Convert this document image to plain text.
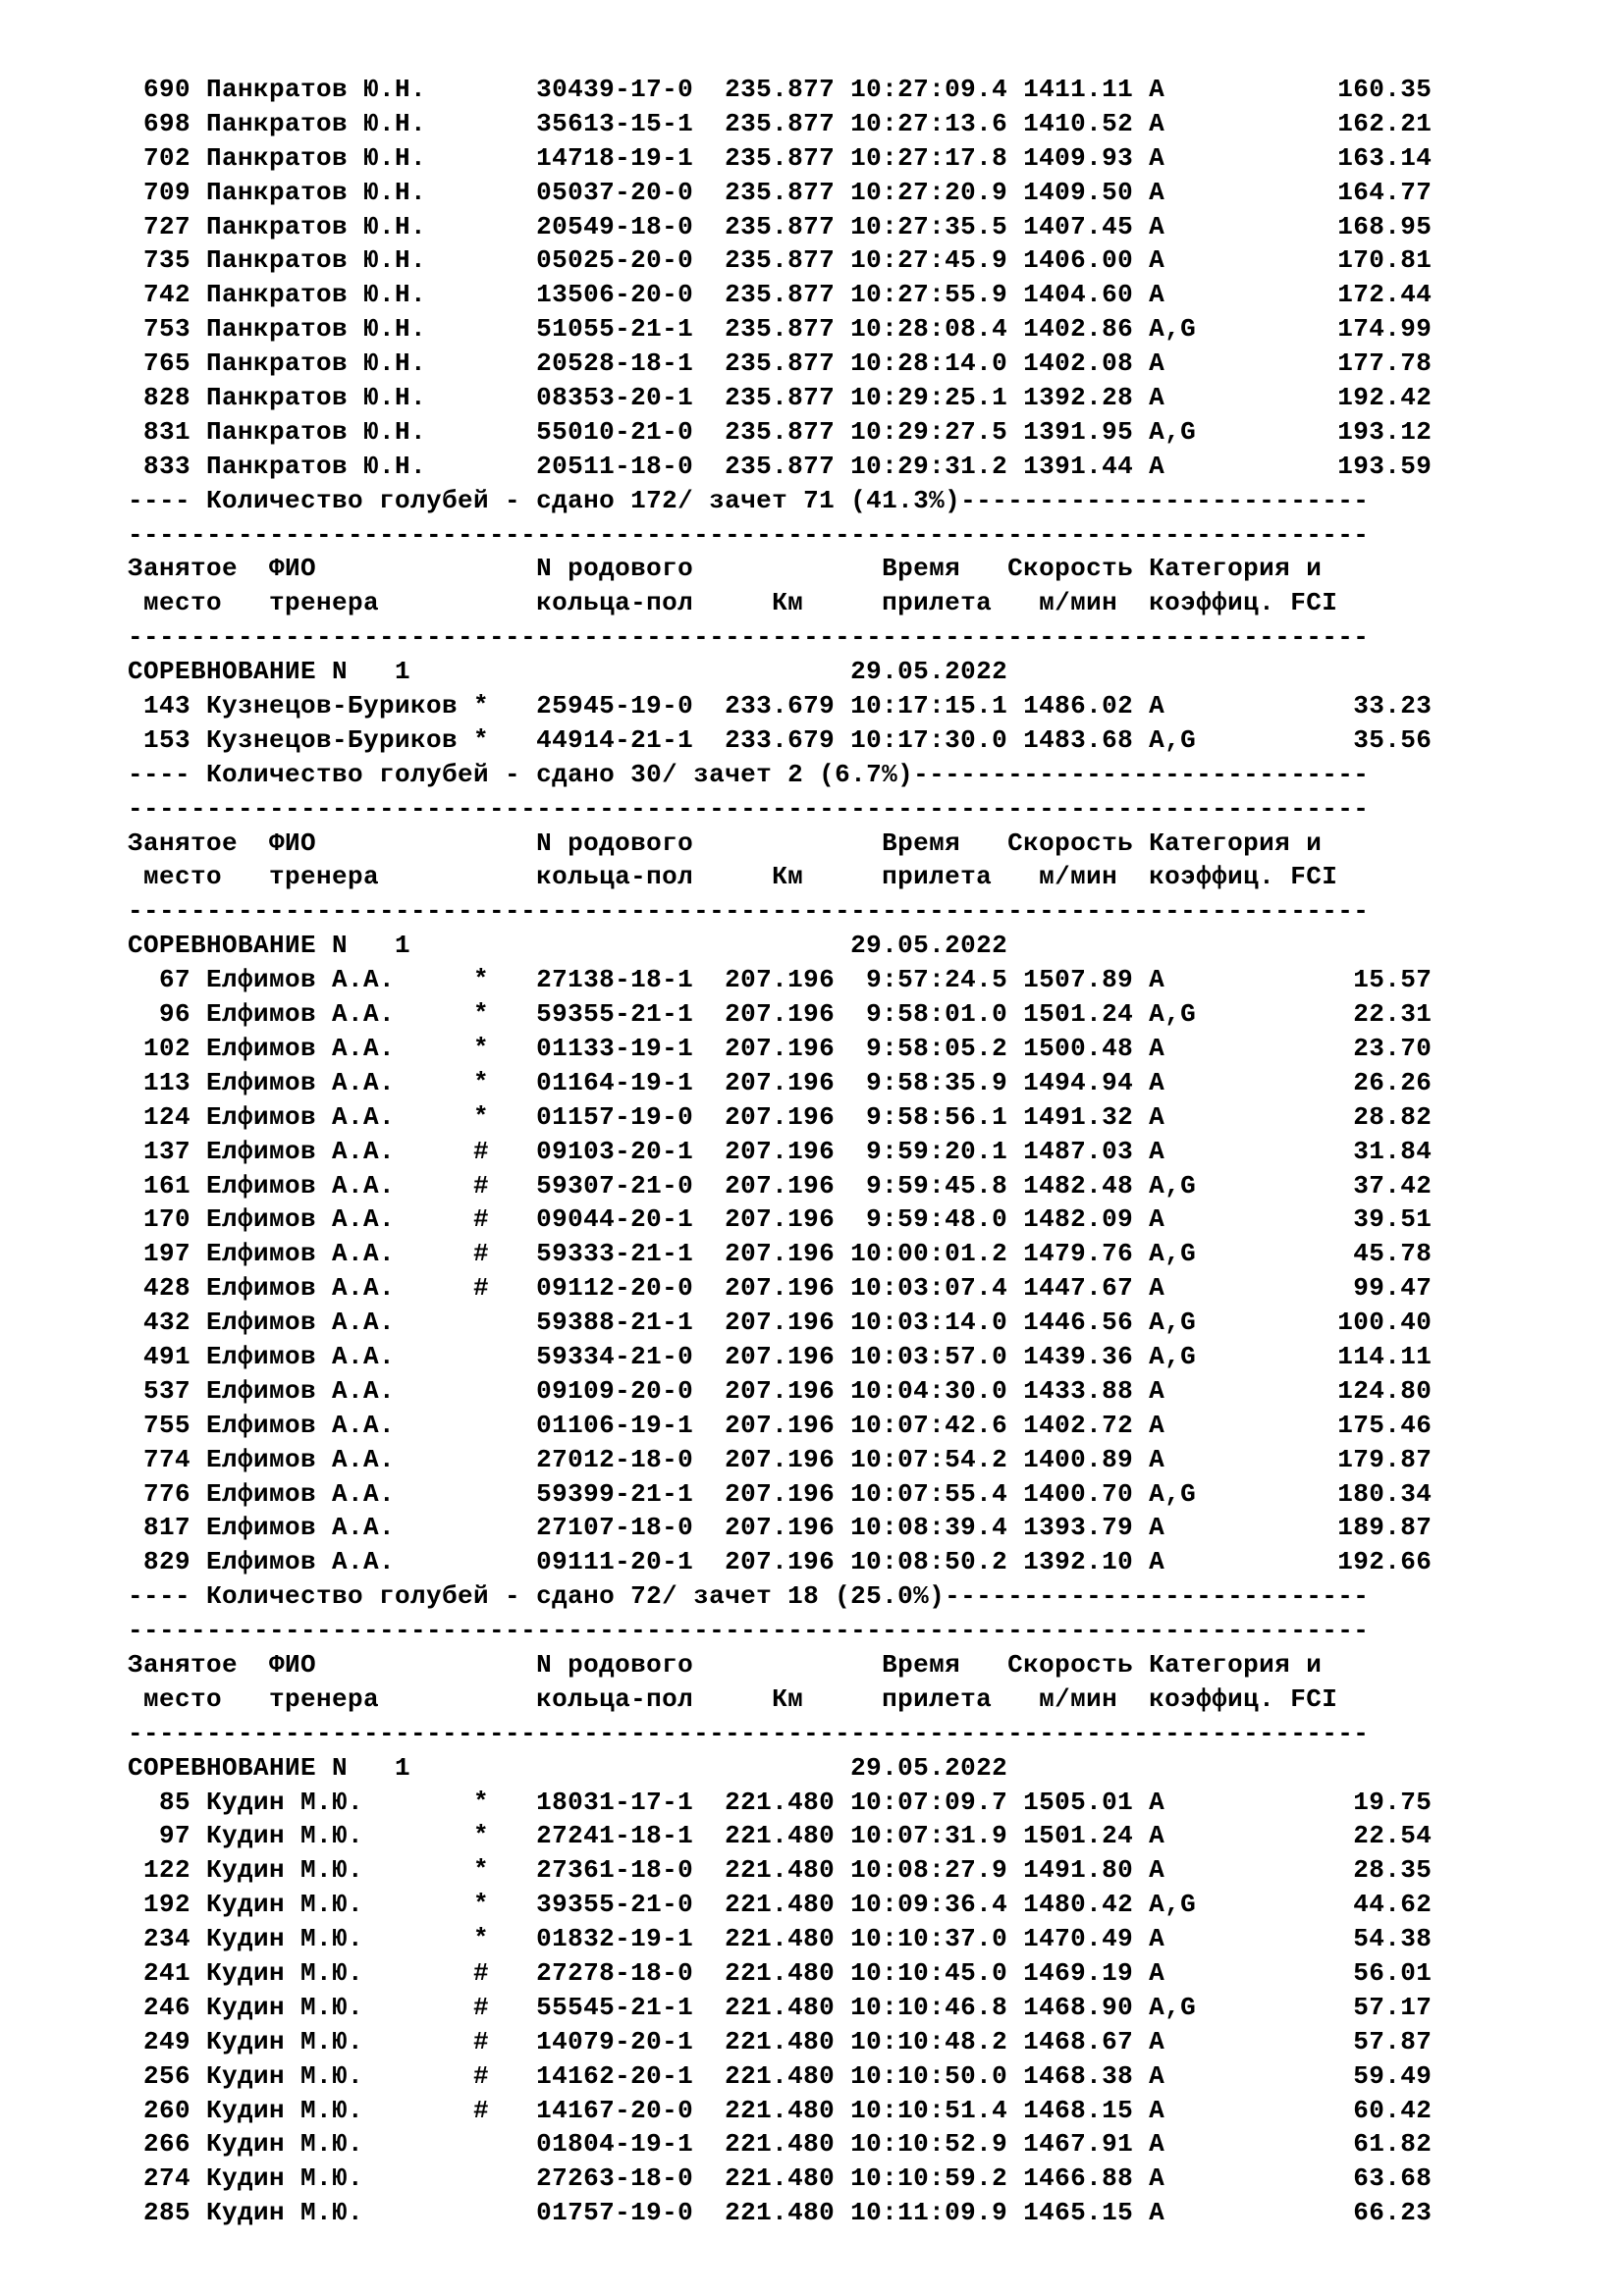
690 Панкратов Ю.Н.       30439-17-0  235.877 10:27:09.4 1411.11 A           160.35
698 Панкратов Ю.Н.       35613-15-1  235.877 10:27:13.6 1410.52 A           162.21
702 Панкратов Ю.Н.       14718-19-1  235.877 10:27:17.8 1409.93 A           163.14
709 Панкратов Ю.Н.       05037-20-0  235.877 10:27:20.9 1409.50 A           164.77
727 Панкратов Ю.Н.       20549-18-0  235.877 10:27:35.5 1407.45 A           168.95
735 Панкратов Ю.Н.       05025-20-0  235.877 10:27:45.9 1406.00 A           170.81
742 Панкратов Ю.Н.       13506-20-0  235.877 10:27:55.9 1404.60 A           172.44
753 Панкратов Ю.Н.       51055-21-1  235.877 10:28:08.4 1402.86 A,G         174.99
765 Панкратов Ю.Н.       20528-18-1  235.877 10:28:14.0 1402.08 A           177.78
828 Панкратов Ю.Н.       08353-20-1  235.877 10:29:25.1 1392.28 A           192.42
831 Панкратов Ю.Н.       55010-21-0  235.877 10:29:27.5 1391.95 A,G         193.12
833 Панкратов Ю.Н.       20511-18-0  235.877 10:29:31.2 1391.44 A           193.59
---- Количество голубей - сдано 172/ зачет 71 (41.3%)--------------------------
-------------------------------------------------------------------------------
Занятое  ФИО              N родового            Время   Скорость Категория и
место   тренера          кольца-пол     Км     прилета   м/мин  коэффиц. FCI
-------------------------------------------------------------------------------
СОРЕВНОВАНИЕ N   1                            29.05.2022
143 Кузнецов-Буриков *   25945-19-0  233.679 10:17:15.1 1486.02 A            33.23
153 Кузнецов-Буриков *   44914-21-1  233.679 10:17:30.0 1483.68 A,G          35.56
---- Количество голубей - сдано 30/ зачет 2 (6.7%)-----------------------------
-------------------------------------------------------------------------------
Занятое  ФИО              N родового            Время   Скорость Категория и
место   тренера          кольца-пол     Км     прилета   м/мин  коэффиц. FCI
-------------------------------------------------------------------------------
СОРЕВНОВАНИЕ N   1                            29.05.2022
67 Елфимов А.А.     *   27138-18-1  207.196  9:57:24.5 1507.89 A            15.57
96 Елфимов А.А.     *   59355-21-1  207.196  9:58:01.0 1501.24 A,G          22.31
102 Елфимов А.А.     *   01133-19-1  207.196  9:58:05.2 1500.48 A            23.70
113 Елфимов А.А.     *   01164-19-1  207.196  9:58:35.9 1494.94 A            26.26
124 Елфимов А.А.     *   01157-19-0  207.196  9:58:56.1 1491.32 A            28.82
137 Елфимов А.А.     #   09103-20-1  207.196  9:59:20.1 1487.03 A            31.84
161 Елфимов А.А.     #   59307-21-0  207.196  9:59:45.8 1482.48 A,G          37.42
170 Елфимов А.А.     #   09044-20-1  207.196  9:59:48.0 1482.09 A            39.51
197 Елфимов А.А.     #   59333-21-1  207.196 10:00:01.2 1479.76 A,G          45.78
428 Елфимов А.А.     #   09112-20-0  207.196 10:03:07.4 1447.67 A            99.47
432 Елфимов А.А.         59388-21-1  207.196 10:03:14.0 1446.56 A,G         100.40
491 Елфимов А.А.         59334-21-0  207.196 10:03:57.0 1439.36 A,G         114.11
537 Елфимов А.А.         09109-20-0  207.196 10:04:30.0 1433.88 A           124.80
755 Елфимов А.А.         01106-19-1  207.196 10:07:42.6 1402.72 A           175.46
774 Елфимов А.А.         27012-18-0  207.196 10:07:54.2 1400.89 A           179.87
776 Елфимов А.А.         59399-21-1  207.196 10:07:55.4 1400.70 A,G         180.34
817 Елфимов А.А.         27107-18-0  207.196 10:08:39.4 1393.79 A           189.87
829 Елфимов А.А.         09111-20-1  207.196 10:08:50.2 1392.10 A           192.66
---- Количество голубей - сдано 72/ зачет 18 (25.0%)---------------------------
-------------------------------------------------------------------------------
Занятое  ФИО              N родового            Время   Скорость Категория и
место   тренера          кольца-пол     Км     прилета   м/мин  коэффиц. FCI
-------------------------------------------------------------------------------
СОРЕВНОВАНИЕ N   1                            29.05.2022
85 Кудин М.Ю.       *   18031-17-1  221.480 10:07:09.7 1505.01 A            19.75
97 Кудин М.Ю.       *   27241-18-1  221.480 10:07:31.9 1501.24 A            22.54
122 Кудин М.Ю.       *   27361-18-0  221.480 10:08:27.9 1491.80 A            28.35
192 Кудин М.Ю.       *   39355-21-0  221.480 10:09:36.4 1480.42 A,G          44.62
234 Кудин М.Ю.       *   01832-19-1  221.480 10:10:37.0 1470.49 A            54.38
241 Кудин М.Ю.       #   27278-18-0  221.480 10:10:45.0 1469.19 A            56.01
246 Кудин М.Ю.       #   55545-21-1  221.480 10:10:46.8 1468.90 A,G          57.17
249 Кудин М.Ю.       #   14079-20-1  221.480 10:10:48.2 1468.67 A            57.87
256 Кудин М.Ю.       #   14162-20-1  221.480 10:10:50.0 1468.38 A            59.49
260 Кудин М.Ю.       #   14167-20-0  221.480 10:10:51.4 1468.15 A            60.42
266 Кудин М.Ю.           01804-19-1  221.480 10:10:52.9 1467.91 A            61.82
274 Кудин М.Ю.           27263-18-0  221.480 10:10:59.2 1466.88 A            63.68
285 Кудин М.Ю.           01757-19-0  221.480 10:11:09.9 1465.15 A            66.23
